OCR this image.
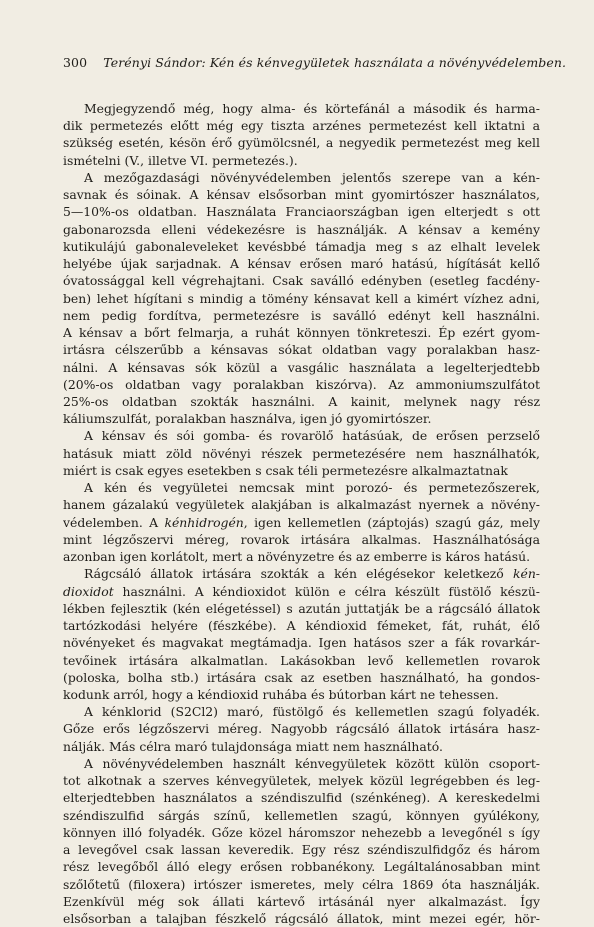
300 Terényi Sándor: Kén és kénvegyületek használata a növényvédelemben.
Megjegyzendő még, hogy alma- és körtefánál a második és harma-
dik permetezés előtt még egy tiszta arzénes permetezést kell iktatni a
szükség esetén, késön érő gyümölcsnél, a negyedik permetezést meg kell
ismételni (V., illetve VI. permetezés.).
A mezőgazdasági növényvédelemben jelentős szerepe van a kén-
savnak és sóinak. A kénsav elsősorban mint gyomirtószer használatos,
5—10%-os oldatban. Használata Franciaországban igen elterjedt s ott
gabonarozsda elleni védekezésre is használják. A kénsav a kemény
kutikulájú gabonaleveleket kevésbbé támadja meg s az elhalt levelek
helyébe újak sarjadnak. A kénsav erősen maró hatású, hígítását kellő
óvatossággal kell végrehajtani. Csak saválló edényben (esetleg facdény-
ben) lehet hígítani s mindig a tömény kénsavat kell a kimért vízhez adni,
nem pedig fordítva, permetezésre is saválló edényt kell használni.
A kénsav a bőrt felmarja, a ruhát könnyen tönkreteszi. Ép ezért gyom-
irtásra célszerűbb a kénsavas sókat oldatban vagy poralakban hasz-
nálni. A kénsavas sók közül a vasgálic használata a legelterjedtebb
(20%-os oldatban vagy poralakban kiszórva). Az ammoniumszulfátot
25%-os oldatban szokták használni. A kainit, melynek nagy rész
káliumszulfát, poralakban használva, igen jó gyomirtószer.
A kénsav és sói gomba- és rovarölő hatásúak, de erősen perzselő
hatásuk miatt zöld növényi részek permetezésére nem használhatók,
miért is csak egyes esetekben s csak téli permetezésre alkalmaztatnak
A kén és vegyületei nemcsak mint porozó- és permetezőszerek,
hanem gázalakú vegyületek alakjában is alkalmazást nyernek a növény-
védelemben. A kénhidrogén, igen kellemetlen (záptojás) szagú gáz, mely
mint légzőszervi méreg, rovarok irtására alkalmas. Használhatósága
azonban igen korlátolt, mert a növényzetre és az emberre is káros hatású.
Rágcsáló állatok irtására szokták a kén elégésekor keletkező kén-
dioxidot használni. A kéndioxidot külön e célra készült füstölő készü-
lékben fejlesztik (kén elégetéssel) s azután juttatják be a rágcsáló állatok
tartózkodási helyére (fészkébe). A kéndioxid fémeket, fát, ruhát, élő
növényeket és magvakat megtámadja. Igen hatásos szer a fák rovarkár-
tevőinek irtására alkalmatlan. Lakásokban levő kellemetlen rovarok
(poloska, bolha stb.) irtására csak az esetben használható, ha gondos-
kodunk arról, hogy a kéndioxid ruhába és bútorban kárt ne tehessen.
A kénklorid (S2Cl2) maró, füstölgő és kellemetlen szagú folyadék.
Gőze erős légzőszervi méreg. Nagyobb rágcsáló állatok irtására hasz-
nálják. Más célra maró tulajdonsága miatt nem használható.
A növényvédelemben használt kénvegyületek között külön csoport-
tot alkotnak a szerves kénvegyületek, melyek közül legrégebben és leg-
elterjedtebben használatos a széndiszulfid (szénkéneg). A kereskedelmi
széndiszulfid sárgás színű, kellemetlen szagú, könnyen gyúlékony,
könnyen illó folyadék. Gőze közel háromszor nehezebb a levegőnél s így
a levegővel csak lassan keveredik. Egy rész széndiszulfidgőz és három
rész levegőből álló elegy erősen robbanékony. Legáltalánosabban mint
szőlőtetű (filoxera) irtószer ismeretes, mely célra 1869 óta használják.
Ezenkívül még sok állati kártevő irtásánál nyer alkalmazást. Így
elsősorban a talajban fészkelő rágcsáló állatok, mint mezei egér, hör-
